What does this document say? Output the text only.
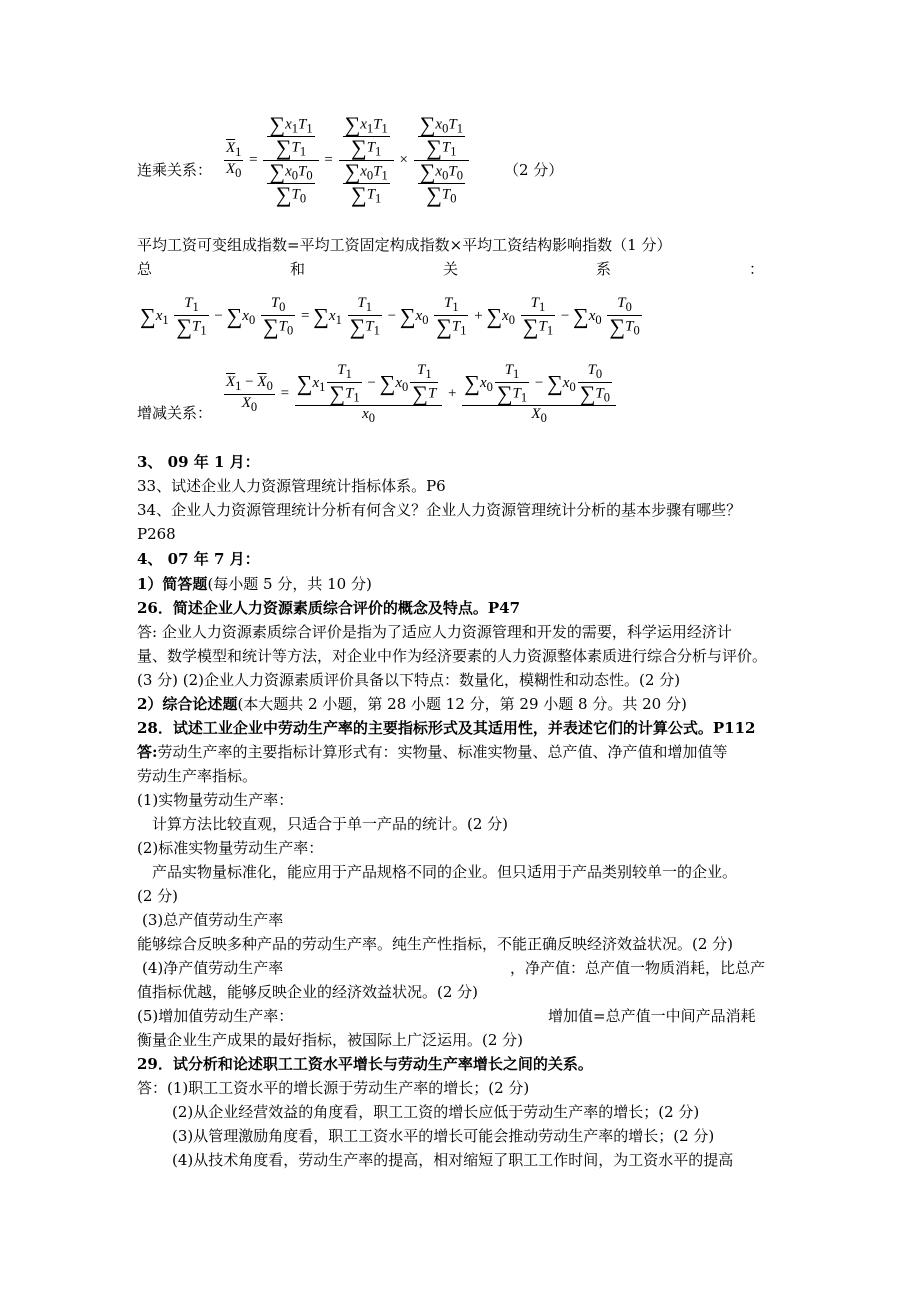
连乘关系： $\frac{\overline{X}_1}{\overline{X}_0} = \frac{\frac{\sum x_1T_1}{\sum T_1}}{\frac{\sum x_0T_0}{\sum T_0}} = \frac{\frac{\sum x_1T_1}{\sum T_1}}{\frac{\sum x_0T_1}{\sum T_1}} \times \frac{\frac{\sum x_0T_1}{\sum T_1}}{\frac{\sum x_0T_0}{\sum T_0}} (2$ 分）
平均工资可变组成指数=平均工资固定构成指数×平均工资结构影响指数（1 分）
总	和	关	系	：
$\sum x_1 \frac{T_1}{\sum T_1} - \sum x_0 \frac{T_0}{\sum T_0} = \sum x_1 \frac{T_1}{\sum T_1} - \sum x_0 \frac{T_1}{\sum T_1} + \sum x_0 \frac{T_1}{\sum T_1} - \sum x_0 \frac{T_0}{\sum T_0}$
增减关系： $\frac{\overline{X}_1 - \overline{X}_0}{X_0} = \frac{\sum x_1 \frac{T_1}{\sum T_1} - \sum x_0 \frac{T_1}{\sum T}}{x_0} + \frac{\sum x_0 \frac{T_1}{\sum T_1} - \sum x_0 \frac{T_0}{\sum T_0}}{X_0}$
3、 09 年 1 月：
33、试述企业人力资源管理统计指标体系。P6
34、企业人力资源管理统计分析有何含义？企业人力资源管理统计分析的基本步骤有哪些？
P268
4、 07 年 7 月：
1）简答题(每小题 5 分，共 10 分)
26．简述企业人力资源素质综合评价的概念及特点。P47
答: 企业人力资源素质综合评价是指为了适应人力资源管理和开发的需要，科学运用经济计
量、数学模型和统计等方法，对企业中作为经济要素的人力资源整体素质进行综合分析与评价。
(3 分) (2)企业人力资源素质评价具备以下特点：数量化，模糊性和动态性。(2 分)
2）综合论述题(本大题共 2 小题，第 28 小题 12 分，第 29 小题 8 分。共 20 分)
28．试述工业企业中劳动生产率的主要指标形式及其适用性，并表述它们的计算公式。P112
答:劳动生产率的主要指标计算形式有：实物量、标准实物量、总产值、净产值和增加值等
劳动生产率指标。
(1)实物量劳动生产率：
计算方法比较直观，只适合于单一产品的统计。(2 分)
(2)标准实物量劳动生产率：
产品实物量标准化，能应用于产品规格不同的企业。但只适用于产品类别较单一的企业。
(2 分)
(3)总产值劳动生产率
能够综合反映多种产品的劳动生产率。纯生产性指标，不能正确反映经济效益状况。(2 分)
(4)净产值劳动生产率	，净产值：总产值一物质消耗，比总产
值指标优越，能够反映企业的经济效益状况。(2 分)
(5)增加值劳动生产率：	增加值=总产值一中间产品消耗
衡量企业生产成果的最好指标，被国际上广泛运用。(2 分)
29．试分析和论述职工工资水平增长与劳动生产率增长之间的关系。
答：(1)职工工资水平的增长源于劳动生产率的增长；(2 分)
(2)从企业经营效益的角度看，职工工资的增长应低于劳动生产率的增长；(2 分)
(3)从管理激励角度看，职工工资水平的增长可能会推动劳动生产率的增长；(2 分)
(4)从技术角度看，劳动生产率的提高，相对缩短了职工工作时间，为工资水平的提高
